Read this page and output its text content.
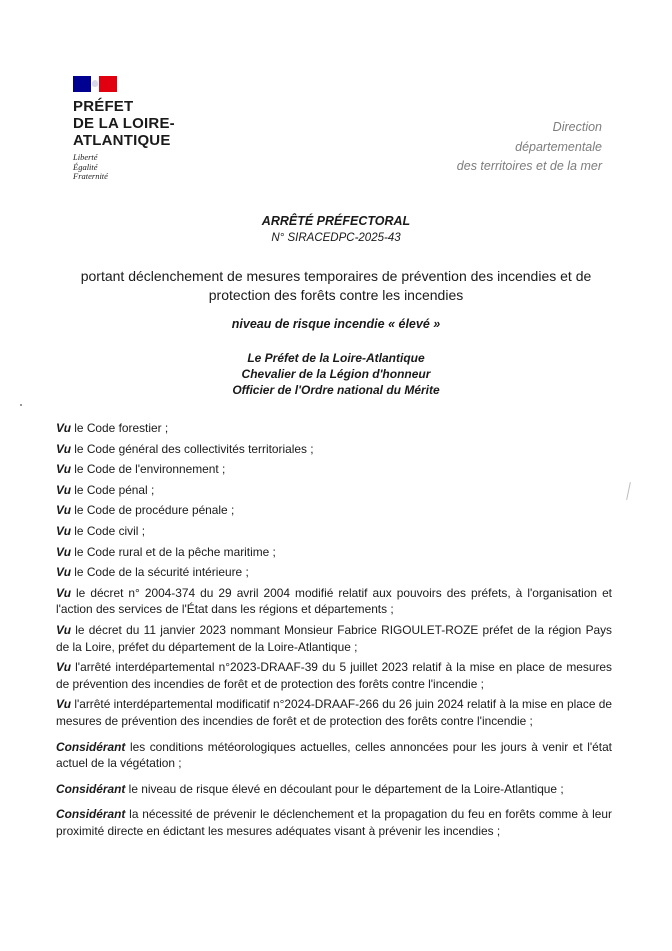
PRÉFET
DE LA LOIRE-
ATLANTIQUE
Liberté
Égalité
Fraternité
Direction
départementale
des territoires et de la mer
ARRÊTÉ PRÉFECTORAL
N° SIRACEDPC-2025-43
portant déclenchement de mesures temporaires de prévention des incendies et de
protection des forêts contre les incendies
niveau de risque incendie « élevé »
Le Préfet de la Loire-Atlantique
Chevalier de la Légion d'honneur
Officier de l'Ordre national du Mérite

Vu le Code forestier ;

Vu le Code général des collectivités territoriales ;

Vu le Code de l'environnement ;

Vu le Code pénal ;

Vu le Code de procédure pénale ;

Vu le Code civil ;

Vu le Code rural et de la pêche maritime ;

Vu le Code de la sécurité intérieure ;

Vu le décret n° 2004-374 du 29 avril 2004 modifié relatif aux pouvoirs des préfets, à l'organisation et l'action des services de l'État dans les régions et départements ;

Vu le décret du 11 janvier 2023 nommant Monsieur Fabrice RIGOULET-ROZE préfet de la région Pays de la Loire, préfet du département de la Loire-Atlantique ;

Vu l'arrêté interdépartemental n°2023-DRAAF-39 du 5 juillet 2023 relatif à la mise en place de mesures de prévention des incendies de forêt et de protection des forêts contre l'incendie ;

Vu l'arrêté interdépartemental modificatif n°2024-DRAAF-266 du 26 juin 2024 relatif à la mise en place de mesures de prévention des incendies de forêt et de protection des forêts contre l'incendie ;

Considérant les conditions météorologiques actuelles, celles annoncées pour les jours à venir et l'état actuel de la végétation ;

Considérant le niveau de risque élevé en découlant pour le département de la Loire-Atlantique ;

Considérant la nécessité de prévenir le déclenchement et la propagation du feu en forêts comme à leur proximité directe en édictant les mesures adéquates visant à prévenir les incendies ;
